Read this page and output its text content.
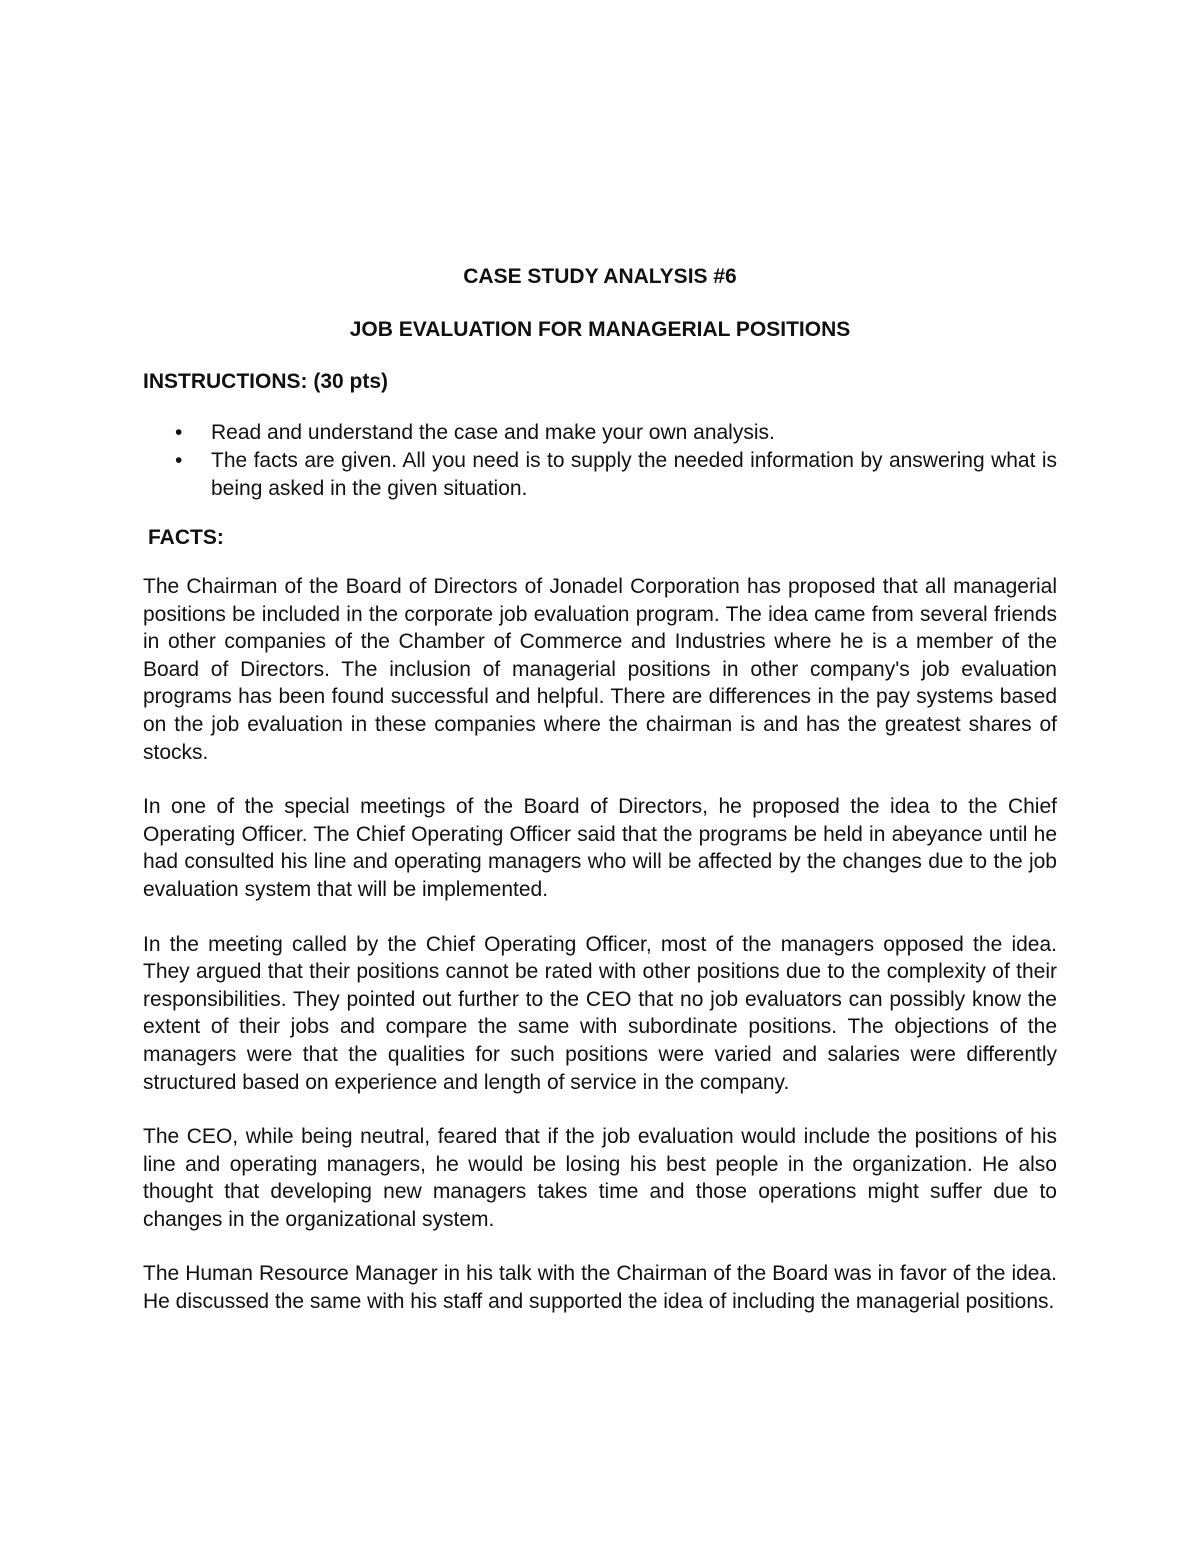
CASE STUDY ANALYSIS #6

JOB EVALUATION FOR MANAGERIAL POSITIONS

INSTRUCTIONS: (30 pts)

• Read and understand the case and make your own analysis.
• The facts are given. All you need is to supply the needed information by answering what is being asked in the given situation.

FACTS:

The Chairman of the Board of Directors of Jonadel Corporation has proposed that all managerial positions be included in the corporate job evaluation program. The idea came from several friends in other companies of the Chamber of Commerce and Industries where he is a member of the Board of Directors. The inclusion of managerial positions in other company's job evaluation programs has been found successful and helpful. There are differences in the pay systems based on the job evaluation in these companies where the chairman is and has the greatest shares of stocks.

In one of the special meetings of the Board of Directors, he proposed the idea to the Chief Operating Officer. The Chief Operating Officer said that the programs be held in abeyance until he had consulted his line and operating managers who will be affected by the changes due to the job evaluation system that will be implemented.

In the meeting called by the Chief Operating Officer, most of the managers opposed the idea. They argued that their positions cannot be rated with other positions due to the complexity of their responsibilities. They pointed out further to the CEO that no job evaluators can possibly know the extent of their jobs and compare the same with subordinate positions. The objections of the managers were that the qualities for such positions were varied and salaries were differently structured based on experience and length of service in the company.

The CEO, while being neutral, feared that if the job evaluation would include the positions of his line and operating managers, he would be losing his best people in the organization. He also thought that developing new managers takes time and those operations might suffer due to changes in the organizational system.

The Human Resource Manager in his talk with the Chairman of the Board was in favor of the idea. He discussed the same with his staff and supported the idea of including the managerial positions.
